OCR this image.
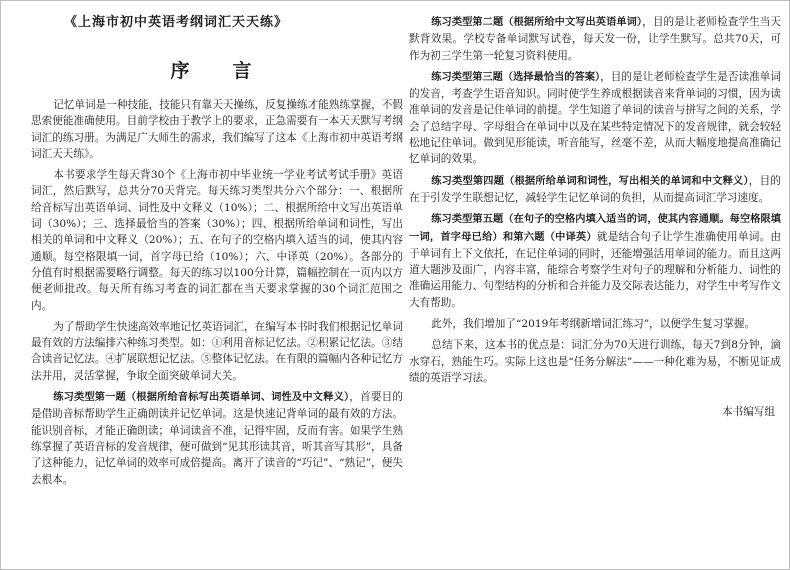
《上海市初中英语考纲词汇天天练》
序　言

记忆单词是一种技能，技能只有靠天天操练，反复操练才能熟练掌握，不假思索便能准确使用。目前学校由于教学上的要求，正急需要有一本天天默写考纲词汇的练习册。为满足广大师生的需求，我们编写了这本《上海市初中英语考纲词汇天天练》。

本书要求学生每天背30个《上海市初中毕业统一学业考试考试手册》英语词汇，然后默写，总共分70天背完。每天练习类型共分六个部分：一、根据所给音标写出英语单词、词性及中文释义（10%）；二、根据所给中文写出英语单词（30%）；三、选择最恰当的答案（30%）；四、根据所给单词和词性，写出相关的单词和中文释义（20%）；五、在句子的空格内填入适当的词，使其内容通顺。每空格限填一词，首字母已给（10%）；六、中译英（20%）。各部分的分值有时根据需要略行调整。每天的练习以100分计算，篇幅控制在一页内以方便老师批改。每天所有练习考查的词汇都在当天要求掌握的30个词汇范围之内。

为了帮助学生快速高效率地记忆英语词汇，在编写本书时我们根据记忆单词最有效的方法编排六种练习类型。如：①利用音标记忆法。②积累记忆法。③结合读音记忆法。④扩展联想记忆法。⑤整体记忆法。在有限的篇幅内各种记忆方法并用，灵活掌握，争取全面突破单词大关。

练习类型第一题（根据所给音标写出英语单词、词性及中文释义），首要目的是借助音标帮助学生正确朗读并记忆单词。这是快速记背单词的最有效的方法。能识别音标，才能正确朗读；单词读音不准，记得牢固，反而有害。如果学生熟练掌握了英语音标的发音规律，便可做到“见其形读其音，听其音写其形”，具备了这种能力，记忆单词的效率可成倍提高。离开了读音的“巧记”、“熟记”，便失去根本。

练习类型第二题（根据所给中文写出英语单词），目的是让老师检查学生当天默背效果。学校专备单词默写试卷，每天发一份，让学生默写。总共70天，可作为初三学生第一轮复习资料使用。

练习类型第三题（选择最恰当的答案），目的是让老师检查学生是否读准单词的发音，考查学生语音知识。同时使学生养成根据读音来背单词的习惯，因为读准单词的发音是记住单词的前提。学生知道了单词的读音与拼写之间的关系，学会了总结字母、字母组合在单词中以及在某些特定情况下的发音规律，就会较轻松地记住单词。做到见形能读，听音能写，丝毫不差，从而大幅度地提高准确记忆单词的效果。

练习类型第四题（根据所给单词和词性，写出相关的单词和中文释义），目的在于引发学生联想记忆，减轻学生记忆单词的负担，从而提高词汇学习速度。

练习类型第五题（在句子的空格内填入适当的词，使其内容通顺。每空格限填一词，首字母已给）和第六题（中译英）就是结合句子让学生准确使用单词。由于单词有上下文依托，在记住单词的同时，还能增强活用单词的能力。而且这两道大题涉及面广，内容丰富，能综合考察学生对句子的理解和分析能力、词性的准确运用能力、句型结构的分析和合并能力及交际表达能力，对学生中考写作文大有帮助。

此外，我们增加了“2019年考纲新增词汇练习”，以便学生复习掌握。

总结下来，这本书的优点是：词汇分为70天进行训练，每天7到8分钟，滴水穿石，熟能生巧。实际上这也是“任务分解法”——一种化难为易，不断见证成绩的英语学习法。

本书编写组
